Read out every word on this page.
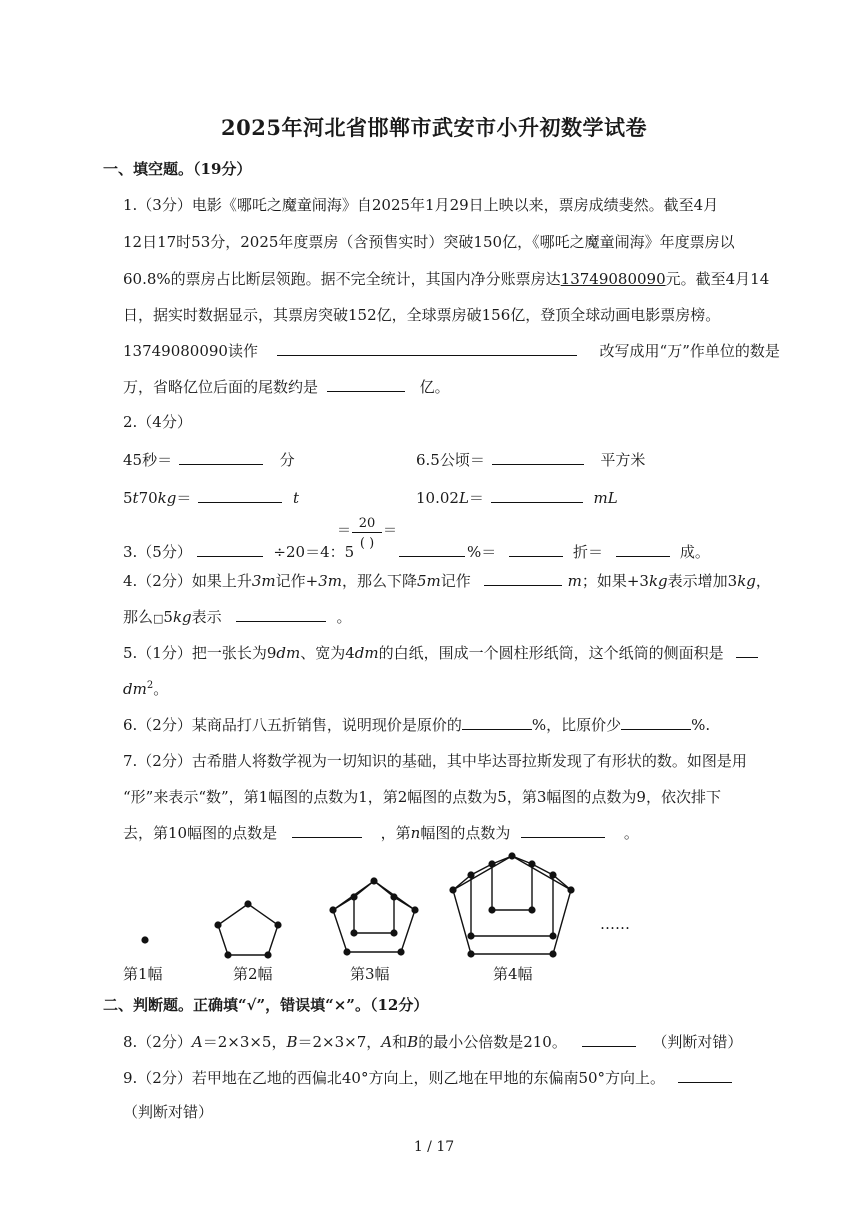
2025年河北省邯郸市武安市小升初数学试卷
一、填空题。（19分）
1.（3分）电影《哪吒之魔童闹海》自2025年1月29日上映以来，票房成绩斐然。截至4月
12日17时53分，2025年度票房（含预售实时）突破150亿，《哪吒之魔童闹海》年度票房以
60.8%的票房占比断层领跑。据不完全统计，其国内净分账票房达13749080090元。截至4月14
日，据实时数据显示，其票房突破152亿，全球票房破156亿，登顶全球动画电影票房榜。
13749080090读作	改写成用“万”作单位的数是
万，省略亿位后面的尾数约是	亿。
2.（4分）
45秒＝	分	6.5公顷＝	平方米
5t70kg＝	t	10.02L＝	mL
3.（5分）	÷20＝4：5
＝ 20
( )
＝
%＝	折＝	成。
4.（2分）如果上升3m记作+3m，那么下降5m记作	m；如果+3kg表示增加3kg，
那么□5kg表示	。
5.（1分）把一张长为9dm、宽为4dm的白纸，围成一个圆柱形纸筒，这个纸筒的侧面积是
$dm^2$。
6.（2分）某商品打八五折销售，说明现价是原价的	%，比原价少	%.
7.（2分）古希腊人将数学视为一切知识的基础，其中毕达哥拉斯发现了有形状的数。如图是用
“形”来表示“数”，第1幅图的点数为1，第2幅图的点数为5，第3幅图的点数为9，依次排下
去，第10幅图的点数是	，第n幅图的点数为	。
第1幅	第2幅	第3幅	第4幅
……
二、判断题。正确填“√”，错误填“×”。（12分）
8.（2分）A＝2×3×5，B＝2×3×7，A和B的最小公倍数是210。	（判断对错）
9.（2分）若甲地在乙地的西偏北40°方向上，则乙地在甲地的东偏南50°方向上。
（判断对错）
1 / 17
